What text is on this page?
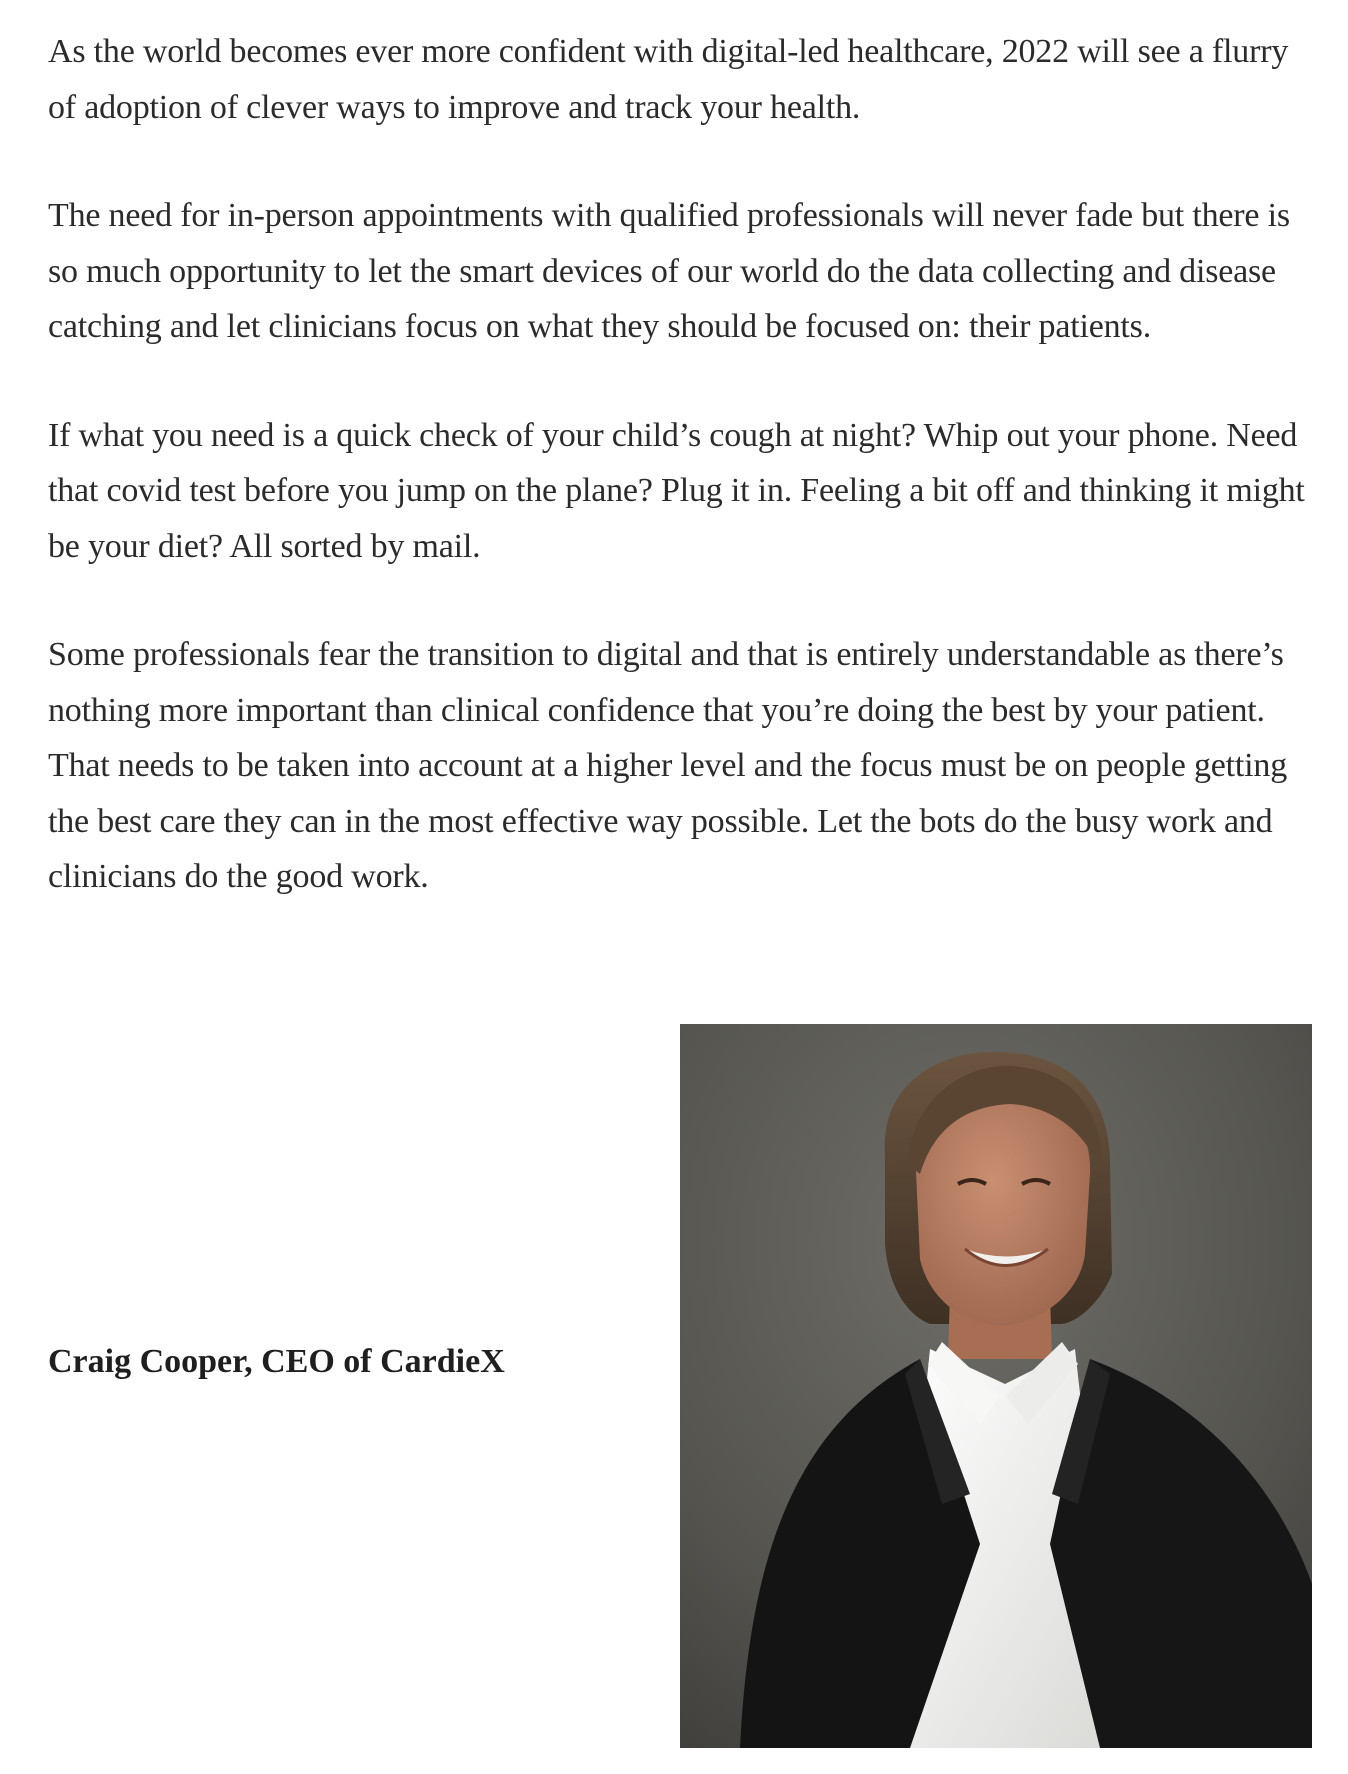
As the world becomes ever more confident with digital-led healthcare, 2022 will see a flurry of adoption of clever ways to improve and track your health.

The need for in-person appointments with qualified professionals will never fade but there is so much opportunity to let the smart devices of our world do the data collecting and disease catching and let clinicians focus on what they should be focused on: their patients.

If what you need is a quick check of your child’s cough at night? Whip out your phone. Need that covid test before you jump on the plane? Plug it in. Feeling a bit off and thinking it might be your diet? All sorted by mail.

Some professionals fear the transition to digital and that is entirely understandable as there’s nothing more important than clinical confidence that you’re doing the best by your patient. That needs to be taken into account at a higher level and the focus must be on people getting the best care they can in the most effective way possible. Let the bots do the busy work and clinicians do the good work.

Craig Cooper, CEO of CardieX
